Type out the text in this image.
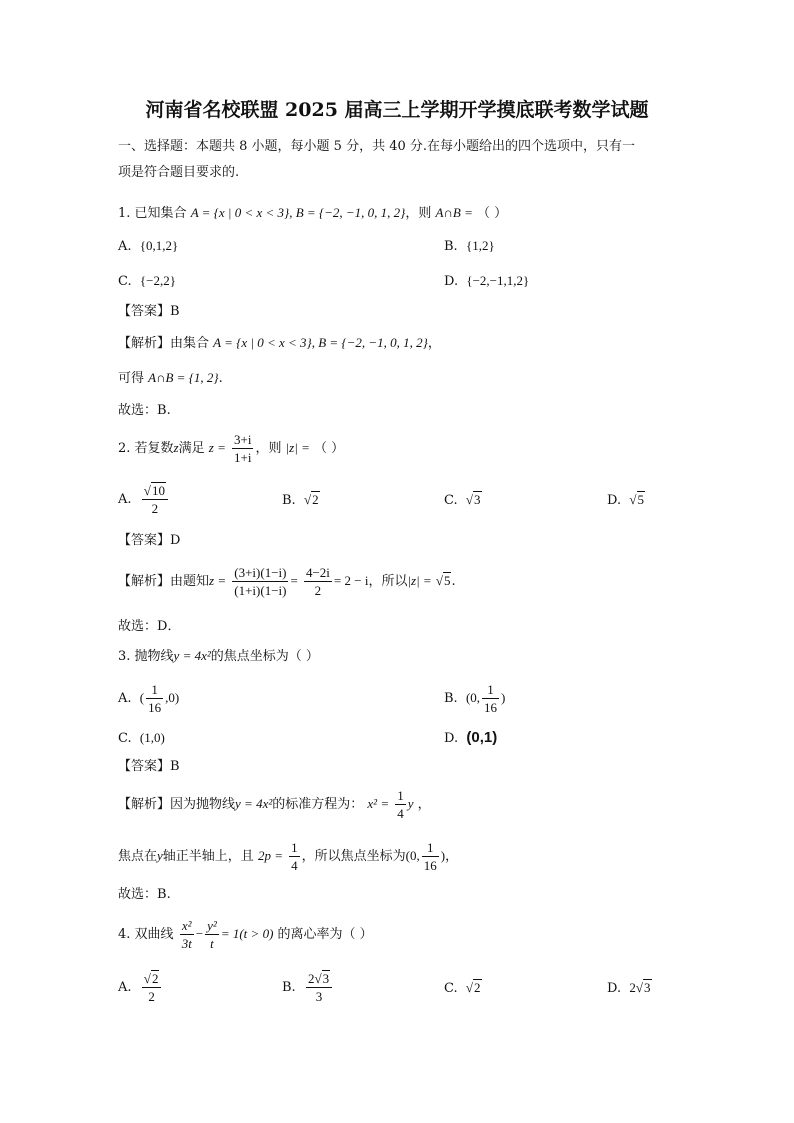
河南省名校联盟 2025 届高三上学期开学摸底联考数学试题
一、选择题：本题共 8 小题，每小题 5 分，共 40 分.在每小题给出的四个选项中，只有一
项是符合题目要求的.
1. 已知集合 A = {x | 0 < x < 3}, B = {−2, −1, 0, 1, 2}，则 A∩B = （ ）
A. {0,1,2}	B. {1,2}
C. {−2,2}	D. {−2,−1,1,2}
【答案】B
【解析】由集合 A = {x | 0 < x < 3}, B = {−2, −1, 0, 1, 2}，
可得 A∩B = {1, 2}.
故选：B.
2. 若复数z满足 $z = \frac{3+i}{1+i}$ ，则 |z| = （ ）
A. $\frac{√10}{2}$	B. √2	C. √3	D. √5
【答案】D
【解析】由题知$z = \frac{(3+i)(1-i)}{(1+i)(1-i)} = \frac{4-2i}{2} = 2 - i$，所以|z| = √5.
故选：D．
3. 抛物线y = 4x²的焦点坐标为（ ）
A. ( $\frac{1}{16} ,0$)	B. (0, $\frac{1}{16}$ )
C. (1,0)	D. (0,1)
【答案】B
【解析】因为抛物线y = 4x²的标准方程为： $x^2 = \frac{1}{4}$ y ，
焦点在y轴正半轴上，且 $2p = \frac{1}{4}$ ，所以焦点坐标为(0, $\frac{1}{16}$ )，
故选：B.
4. 双曲线 $\frac{\text{x²}}{3t} - \frac{\text{y²}}{t} = 1(t > 0)$ 的离心率为（ ）
A. $\frac{√2}{2}$	B. $\frac{2√3}{3}$	C. √2	D. 2√3
